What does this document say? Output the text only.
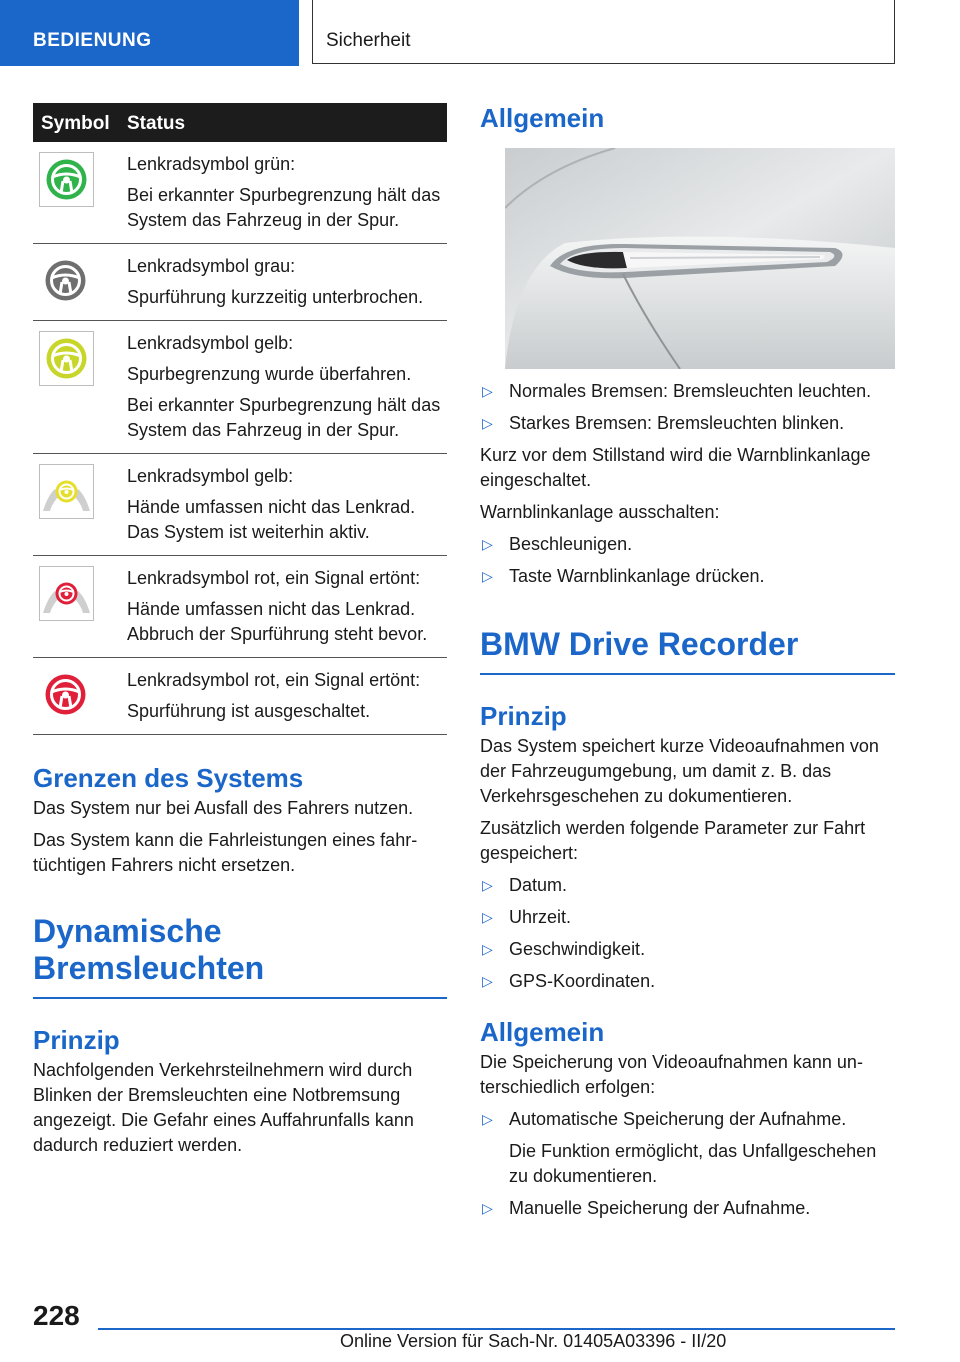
BEDIENUNG	Sicherheit
Symbol Status

Lenkradsymbol grün:

Bei erkannter Spurbegrenzung hält das System das Fahrzeug in der Spur.

Lenkradsymbol grau:

Spurführung kurzzeitig unterbrochen.

Lenkradsymbol gelb:

Spurbegrenzung wurde überfahren.

Bei erkannter Spurbegrenzung hält das System das Fahrzeug in der Spur.

Lenkradsymbol gelb:

Hände umfassen nicht das Lenkrad. Das System ist weiterhin aktiv.

Lenkradsymbol rot, ein Signal ertönt:

Hände umfassen nicht das Lenkrad. Abbruch der Spurführung steht bevor.

Lenkradsymbol rot, ein Signal ertönt:

Spurführung ist ausgeschaltet.

Grenzen des Systems

Das System nur bei Ausfall des Fahrers nutzen.

Das System kann die Fahrleistungen eines fahrtüchtigen Fahrers nicht ersetzen.

Dynamische
Bremsleuchten
Prinzip

Nachfolgenden Verkehrsteilnehmern wird durch Blinken der Bremsleuchten eine Notbremsung angezeigt. Die Gefahr eines Auffahrunfalls kann dadurch reduziert werden.

Allgemein
▷ Normales Bremsen: Bremsleuchten leuchten.
▷ Starkes Bremsen: Bremsleuchten blinken.

Kurz vor dem Stillstand wird die Warnblinkanlage eingeschaltet.

Warnblinkanlage ausschalten:

▷ Beschleunigen.
▷ Taste Warnblinkanlage drücken.
BMW Drive Recorder
Prinzip

Das System speichert kurze Videoaufnahmen von der Fahrzeugumgebung, um damit z. B. das Verkehrsgeschehen zu dokumentieren.

Zusätzlich werden folgende Parameter zur Fahrt gespeichert:

▷ Datum.
▷ Uhrzeit.
▷ Geschwindigkeit.
▷ GPS-Koordinaten.
Allgemein

Die Speicherung von Videoaufnahmen kann unterschiedlich erfolgen:

▷ Automatische Speicherung der Aufnahme.

Die Funktion ermöglicht, das Unfallgeschehen zu dokumentieren.

▷ Manuelle Speicherung der Aufnahme.
228
Online Version für Sach-Nr. 01405A03396 - II/20
